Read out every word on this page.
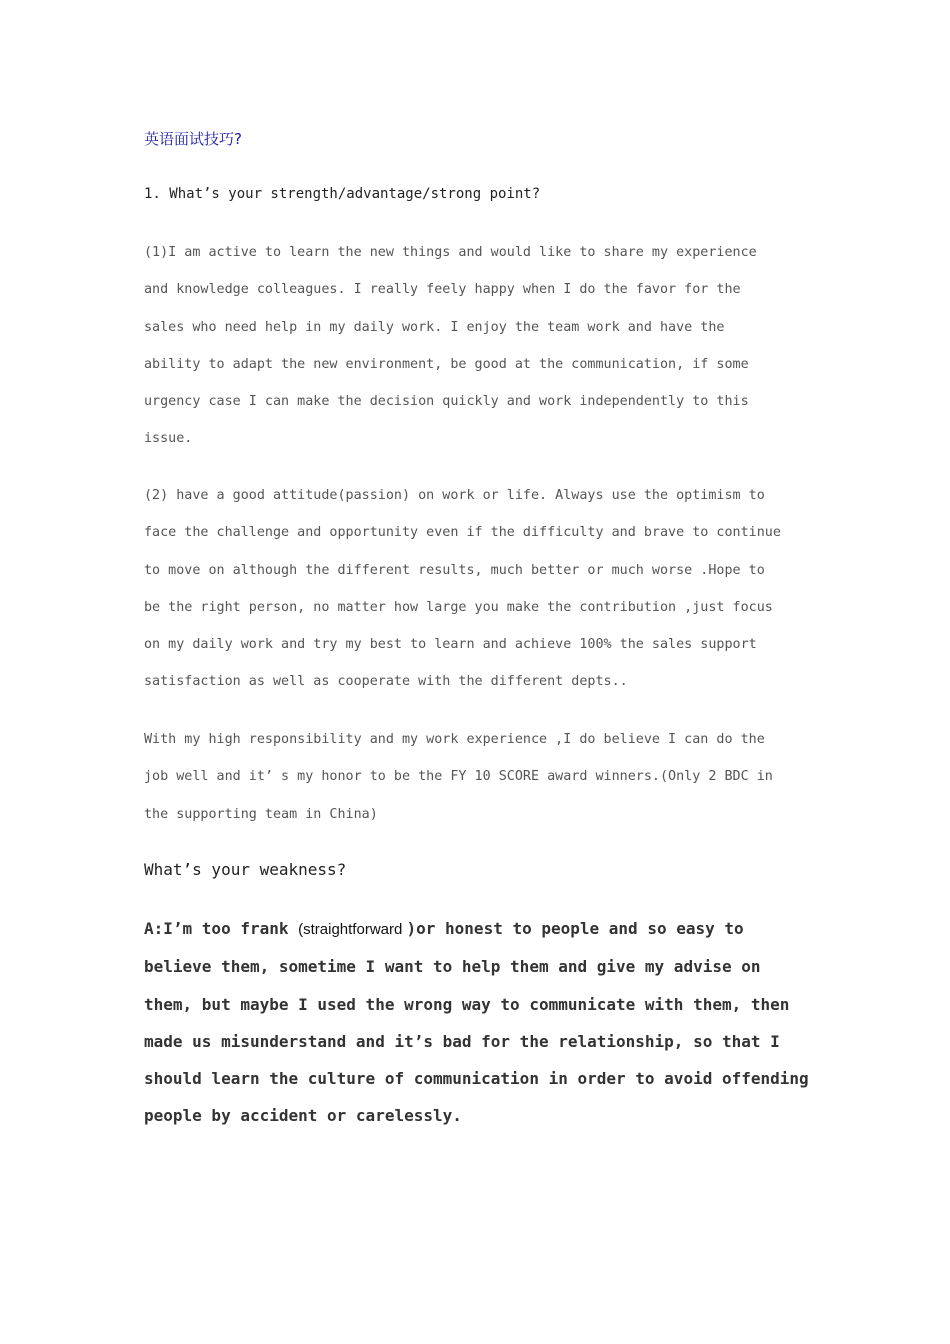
英语面试技巧?
1. What’s your strength/advantage/strong point?
(1)I am active to learn the new things and would like to share my experience
and knowledge colleagues. I really feely happy when I do the favor for the
sales who need help in my daily work. I enjoy the team work and have the
ability to adapt the new environment, be good at the communication, if some
urgency case I can make the decision quickly and work independently to this
issue.
(2) have a good attitude(passion) on work or life. Always use the optimism to
face the challenge and opportunity even if the difficulty and brave to continue
to move on although the different results, much better or much worse .Hope to
be the right person, no matter how large you make the contribution ,just focus
on my daily work and try my best to learn and achieve 100% the sales support
satisfaction as well as cooperate with the different depts..
With my high responsibility and my work experience ,I do believe I can do the
job well and it’ s my honor to be the FY 10 SCORE award winners.(Only 2 BDC in
the supporting team in China)
What’s your weakness?
A:I’m too frank (straightforward )or honest to people and so easy to
believe them, sometime I want to help them and give my advise on
them, but maybe I used the wrong way to communicate with them, then
made us misunderstand and it’s bad for the relationship, so that I
should learn the culture of communication in order to avoid offending
people by accident or carelessly.
